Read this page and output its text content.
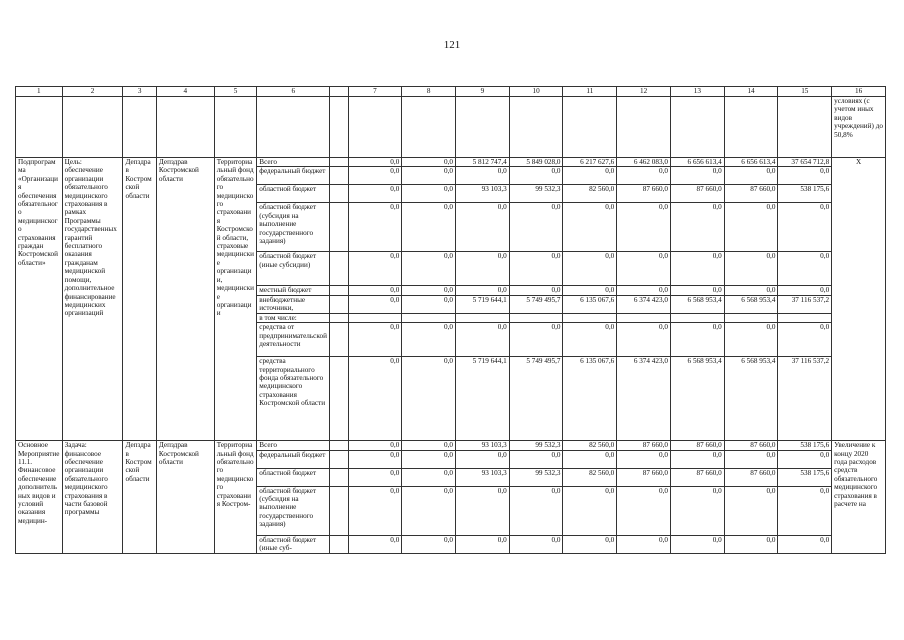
121
1	2	3	4	5	6		7	8	9	10	11	12	13	14	15	16
																условиях (с учетом иных видов учреждений) до 50,8%
Подпрограмма «Организация обеспечения обязательного медицинского страхования граждан Костромской области»	Цель: обеспечение организации обязательного медицинского страхования в рамках Программы государственных гарантий бесплатного оказания гражданам медицинской помощи, дополнительное финансирование медицинских организаций	Депздрав Костромской области	Депздрав Костромской области	Территориальный фонд обязательного медицинского страхования Костромской области, страховые медицинские организации, медицинские организации	Всего		0,0	0,0	5 812 747,4	5 849 028,0	6 217 627,6	6 462 083,0	6 656 613,4	6 656 613,4	37 654 712,8	Х
					федеральный бюджет		0,0	0,0	0,0	0,0	0,0	0,0	0,0	0,0	0,0	
					областной бюджет		0,0	0,0	93 103,3	99 532,3	82 560,0	87 660,0	87 660,0	87 660,0	538 175,6	
					областной бюджет (субсидия на выполнение государственного задания)		0,0	0,0	0,0	0,0	0,0	0,0	0,0	0,0	0,0	
					областной бюджет (иные субсидии)		0,0	0,0	0,0	0,0	0,0	0,0	0,0	0,0	0,0	
					местный бюджет		0,0	0,0	0,0	0,0	0,0	0,0	0,0	0,0	0,0	
					внебюджетные источники,		0,0	0,0	5 719 644,1	5 749 495,7	6 135 067,6	6 374 423,0	6 568 953,4	6 568 953,4	37 116 537,2	
					в том числе:											
					средства от предпринимательской деятельности		0,0	0,0	0,0	0,0	0,0	0,0	0,0	0,0	0,0	
					средства территориального фонда обязательного медицинского страхования Костромской области		0,0	0,0	5 719 644,1	5 749 495,7	6 135 067,6	6 374 423,0	6 568 953,4	6 568 953,4	37 116 537,2	
Основное Мероприятие 11.1. Финансовое обеспечение дополнительных видов и условий оказания медицин-	Задача: финансовое обеспечение организации обязательного медицинского страхования в части базовой программы	Депздрав Костромской области	Депздрав Костромской области	Территориальный фонд обязательного медицинского страхования Костром-	Всего		0,0	0,0	93 103,3	99 532,3	82 560,0	87 660,0	87 660,0	87 660,0	538 175,6	Увеличение к концу 2020 года расходов средств обязательного медицинского страхования в расчете на
					федеральный бюджет		0,0	0,0	0,0	0,0	0,0	0,0	0,0	0,0	0,0	
					областной бюджет		0,0	0,0	93 103,3	99 532,3	82 560,0	87 660,0	87 660,0	87 660,0	538 175,6	
					областной бюджет (субсидия на выполнение государственного задания)		0,0	0,0	0,0	0,0	0,0	0,0	0,0	0,0	0,0	
					областной бюджет (иные суб-		0,0	0,0	0,0	0,0	0,0	0,0	0,0	0,0	0,0	
